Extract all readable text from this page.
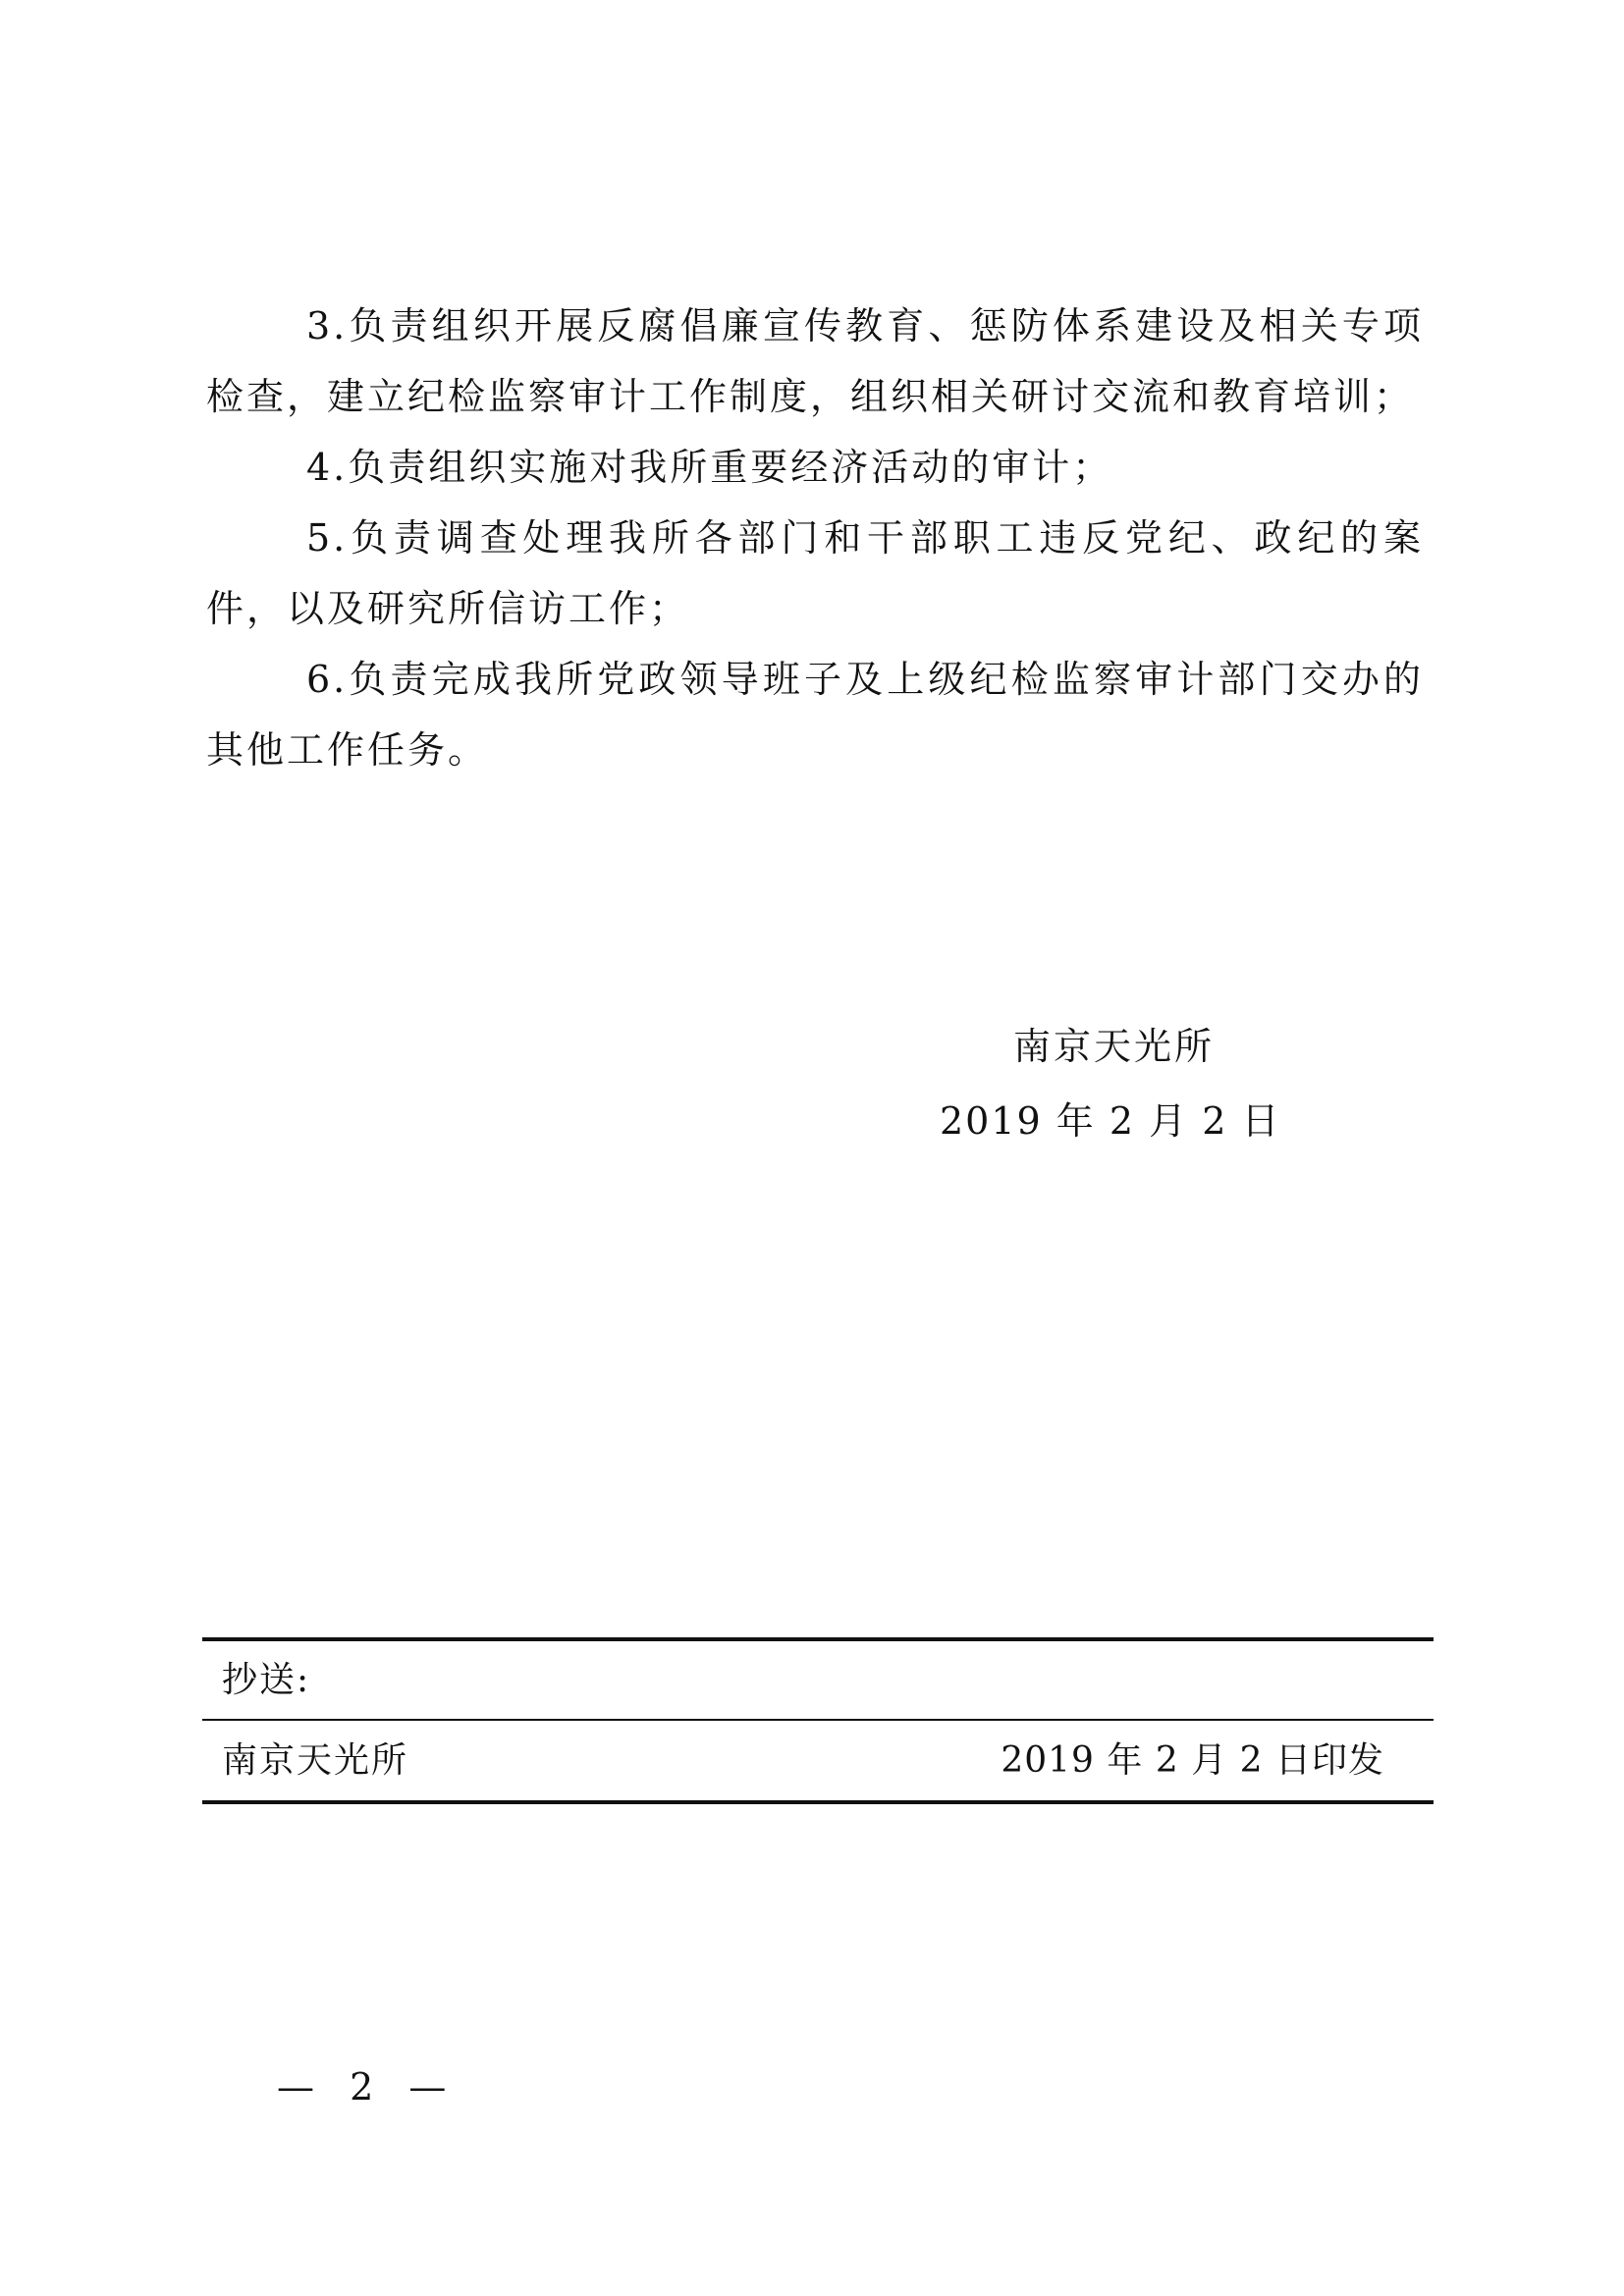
3.负责组织开展反腐倡廉宣传教育、惩防体系建设及相关专项检查，建立纪检监察审计工作制度，组织相关研讨交流和教育培训；

4.负责组织实施对我所重要经济活动的审计；

5.负责调查处理我所各部门和干部职工违反党纪、政纪的案件，以及研究所信访工作；

6.负责完成我所党政领导班子及上级纪检监察审计部门交办的其他工作任务。

南京天光所
2019 年 2 月 2 日
抄送:
南京天光所	2019 年 2 月 2 日印发
— 2 —
